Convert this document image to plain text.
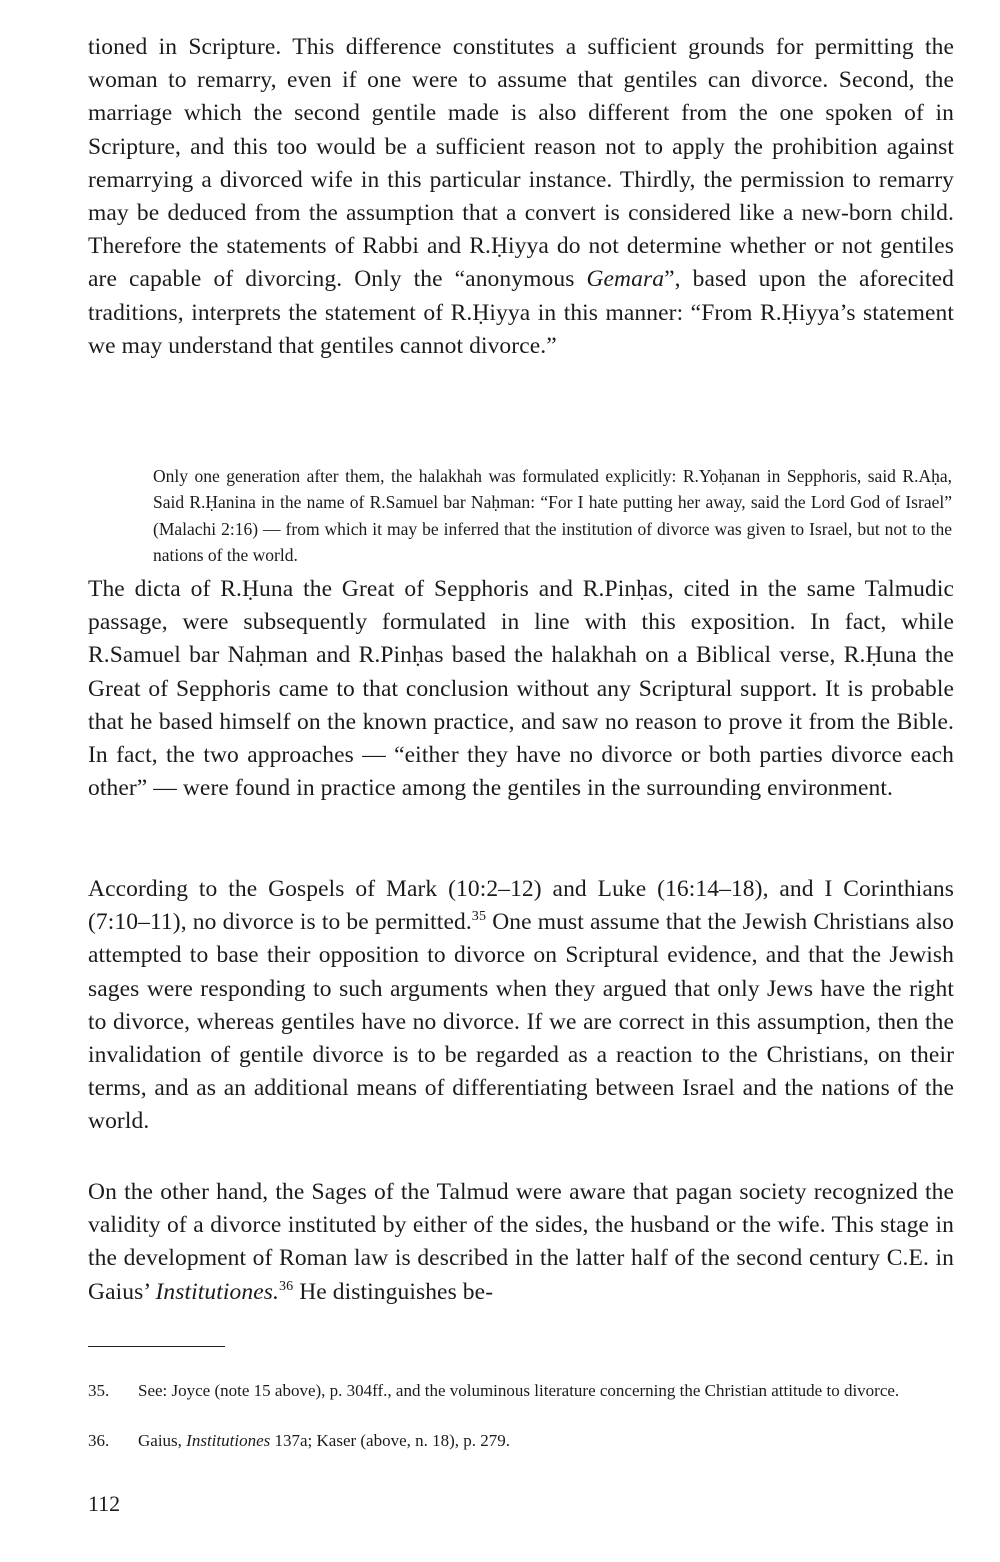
tioned in Scripture. This difference constitutes a sufficient grounds for permitting the woman to remarry, even if one were to assume that gentiles can divorce. Second, the marriage which the second gentile made is also different from the one spoken of in Scripture, and this too would be a sufficient reason not to apply the prohibition against remarrying a divorced wife in this particular instance. Thirdly, the permission to remarry may be deduced from the assumption that a convert is considered like a new-born child. Therefore the statements of Rabbi and R.Ḥiyya do not determine whether or not gentiles are capable of divorcing. Only the “anonymous Gemara”, based upon the aforecited traditions, interprets the statement of R.Ḥiyya in this manner: “From R.Ḥiyya’s statement we may understand that gentiles cannot divorce.”

Only one generation after them, the halakhah was formulated explicitly: R.Yoḥanan in Sepphoris, said R.Aḥa, Said R.Ḥanina in the name of R.Samuel bar Naḥman: “For I hate putting her away, said the Lord God of Israel” (Malachi 2:16) — from which it may be inferred that the institution of divorce was given to Israel, but not to the nations of the world.

The dicta of R.Ḥuna the Great of Sepphoris and R.Pinḥas, cited in the same Talmudic passage, were subsequently formulated in line with this exposition. In fact, while R.Samuel bar Naḥman and R.Pinḥas based the halakhah on a Biblical verse, R.Ḥuna the Great of Sepphoris came to that conclusion without any Scriptural support. It is probable that he based himself on the known practice, and saw no reason to prove it from the Bible. In fact, the two approaches — “either they have no divorce or both parties divorce each other” — were found in practice among the gentiles in the surrounding environment.

According to the Gospels of Mark (10:2–12) and Luke (16:14–18), and I Corinthians (7:10–11), no divorce is to be permitted.$^{35}$ One must assume that the Jewish Christians also attempted to base their opposition to divorce on Scriptural evidence, and that the Jewish sages were responding to such arguments when they argued that only Jews have the right to divorce, whereas gentiles have no divorce. If we are correct in this assumption, then the invalidation of gentile divorce is to be regarded as a reaction to the Christians, on their terms, and as an additional means of differentiating between Israel and the nations of the world.

On the other hand, the Sages of the Talmud were aware that pagan society recognized the validity of a divorce instituted by either of the sides, the husband or the wife. This stage in the development of Roman law is described in the latter half of the second century C.E. in Gaius’ Institutiones.$^{36}$ He distinguishes be-

35. See: Joyce (note 15 above), p. 304ff., and the voluminous literature concerning the Christian attitude to divorce.

36. Gaius, Institutiones 137a; Kaser (above, n. 18), p. 279.

112
